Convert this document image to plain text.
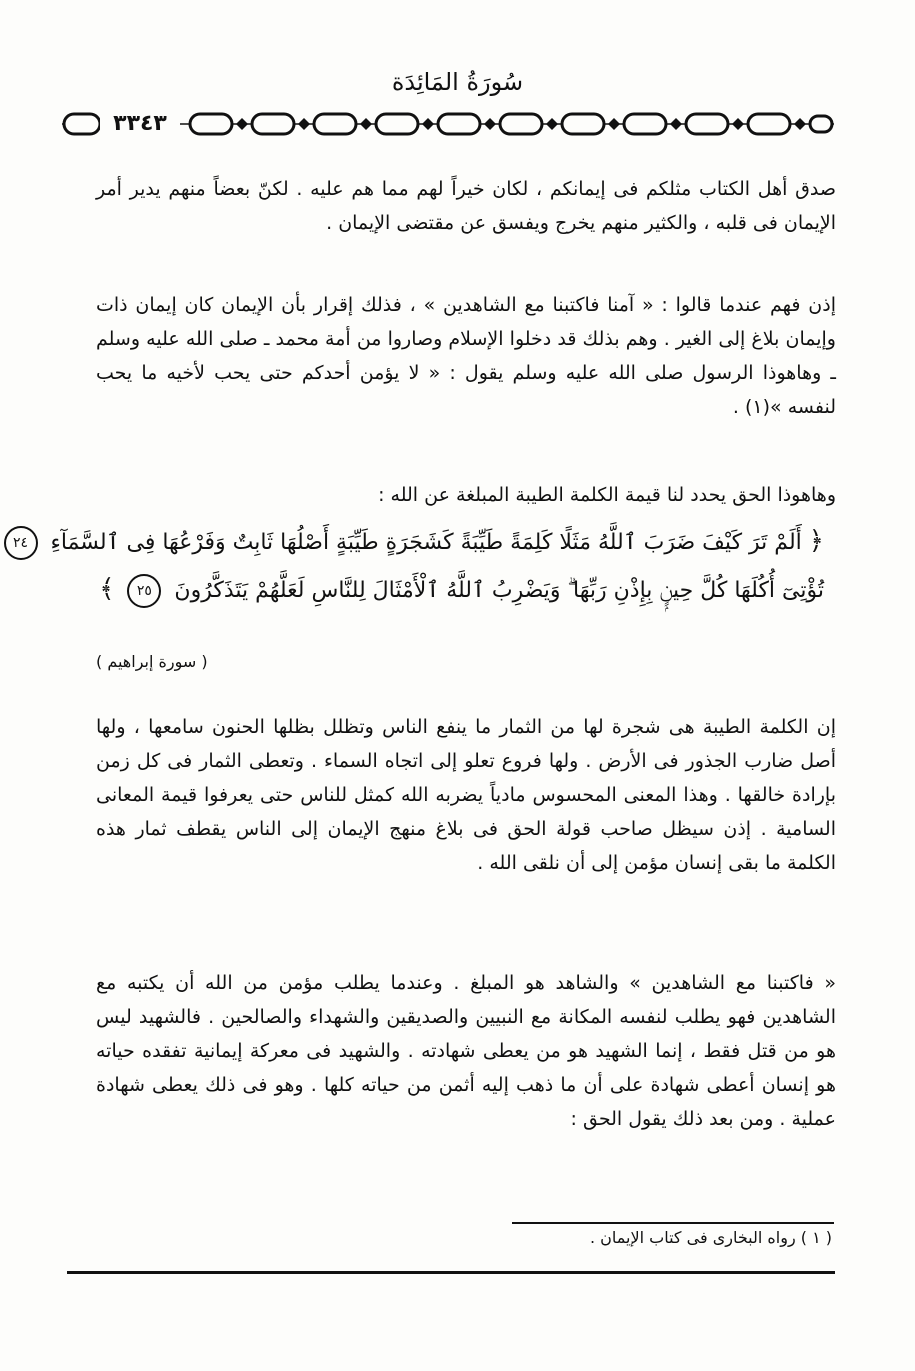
سُورَةُ المَائِدَة
٣٣٤٣

صدق أهل الكتاب مثلكم فى إيمانكم ، لكان خيراً لهم مما هم عليه . لكنّ بعضاً منهم يدير أمر الإيمان فى قلبه ، والكثير منهم يخرج ويفسق عن مقتضى الإيمان .

إذن فهم عندما قالوا : « آمنا فاكتبنا مع الشاهدين » ، فذلك إقرار بأن الإيمان كان إيمان ذات وإيمان بلاغ إلى الغير . وهم بذلك قد دخلوا الإسلام وصاروا من أمة محمد ـ صلى الله عليه وسلم ـ وهاهوذا الرسول صلى الله عليه وسلم يقول : « لا يؤمن أحدكم حتى يحب لأخيه ما يحب لنفسه »(١) .

وهاهوذا الحق يحدد لنا قيمة الكلمة الطيبة المبلغة عن الله :

﴿ أَلَمْ تَرَ كَيْفَ ضَرَبَ ٱللَّهُ مَثَلًا كَلِمَةً طَيِّبَةً كَشَجَرَةٍ طَيِّبَةٍ أَصْلُهَا ثَابِتٌ وَفَرْعُهَا فِى ٱلسَّمَآءِ ٢٤

تُؤْتِىٓ أُكُلَهَا كُلَّ حِينٍۭ بِإِذْنِ رَبِّهَا ۗ وَيَضْرِبُ ٱللَّهُ ٱلْأَمْثَالَ لِلنَّاسِ لَعَلَّهُمْ يَتَذَكَّرُونَ ٢٥ ﴾

( سورة إبراهيم )

إن الكلمة الطيبة هى شجرة لها من الثمار ما ينفع الناس وتظلل بظلها الحنون سامعها ، ولها أصل ضارب الجذور فى الأرض . ولها فروع تعلو إلى اتجاه السماء . وتعطى الثمار فى كل زمن بإرادة خالقها . وهذا المعنى المحسوس مادياً يضربه الله كمثل للناس حتى يعرفوا قيمة المعانى السامية . إذن سيظل صاحب قولة الحق فى بلاغ منهج الإيمان إلى الناس يقطف ثمار هذه الكلمة ما بقى إنسان مؤمن إلى أن نلقى الله .

« فاكتبنا مع الشاهدين » والشاهد هو المبلغ . وعندما يطلب مؤمن من الله أن يكتبه مع الشاهدين فهو يطلب لنفسه المكانة مع النبيين والصديقين والشهداء والصالحين . فالشهيد ليس هو من قتل فقط ، إنما الشهيد هو من يعطى شهادته . والشهيد فى معركة إيمانية تفقده حياته هو إنسان أعطى شهادة على أن ما ذهب إليه أثمن من حياته كلها . وهو فى ذلك يعطى شهادة عملية . ومن بعد ذلك يقول الحق :

( ١ ) رواه البخارى فى كتاب الإيمان .
